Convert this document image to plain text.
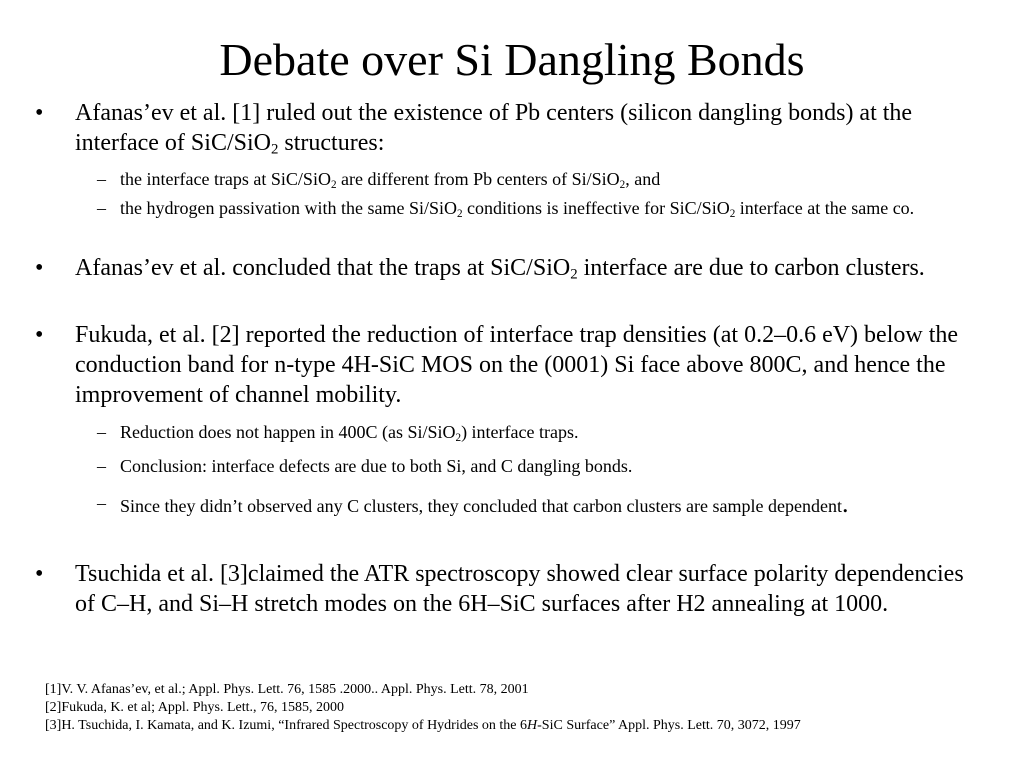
Debate over Si Dangling Bonds
• Afanas’ev et al. [1] ruled out the existence of Pb centers (silicon dangling bonds) at the interface of SiC/SiO$_2$ structures:
– the interface traps at SiC/SiO$_2$ are different from Pb centers of Si/SiO$_2$, and
– the hydrogen passivation with the same Si/SiO$_2$ conditions is ineffective for SiC/SiO$_2$ interface at the same co.
• Afanas’ev et al. concluded that the traps at SiC/SiO$_2$ interface are due to carbon clusters.
• Fukuda, et al. [2] reported the reduction of interface trap densities (at 0.2–0.6 eV) below the conduction band for n-type 4H-SiC MOS on the (0001) Si face above 800C, and hence the improvement of channel mobility.
– Reduction does not happen in 400C (as Si/SiO$_2$) interface traps.
– Conclusion: interface defects are due to both Si, and C dangling bonds.
– Since they didn’t observed any C clusters, they concluded that carbon clusters are sample dependent.
• Tsuchida et al. [3]claimed the ATR spectroscopy showed clear surface polarity dependencies of C–H, and Si–H stretch modes on the 6H–SiC surfaces after H2 annealing at 1000.
[1]V. V. Afanas’ev, et al.; Appl. Phys. Lett. 76, 1585 .2000.. Appl. Phys. Lett. 78, 2001
[2]Fukuda, K. et al; Appl. Phys. Lett., 76, 1585, 2000
[3]H. Tsuchida, I. Kamata, and K. Izumi, “Infrared Spectroscopy of Hydrides on the 6H-SiC Surface” Appl. Phys. Lett. 70, 3072, 1997
